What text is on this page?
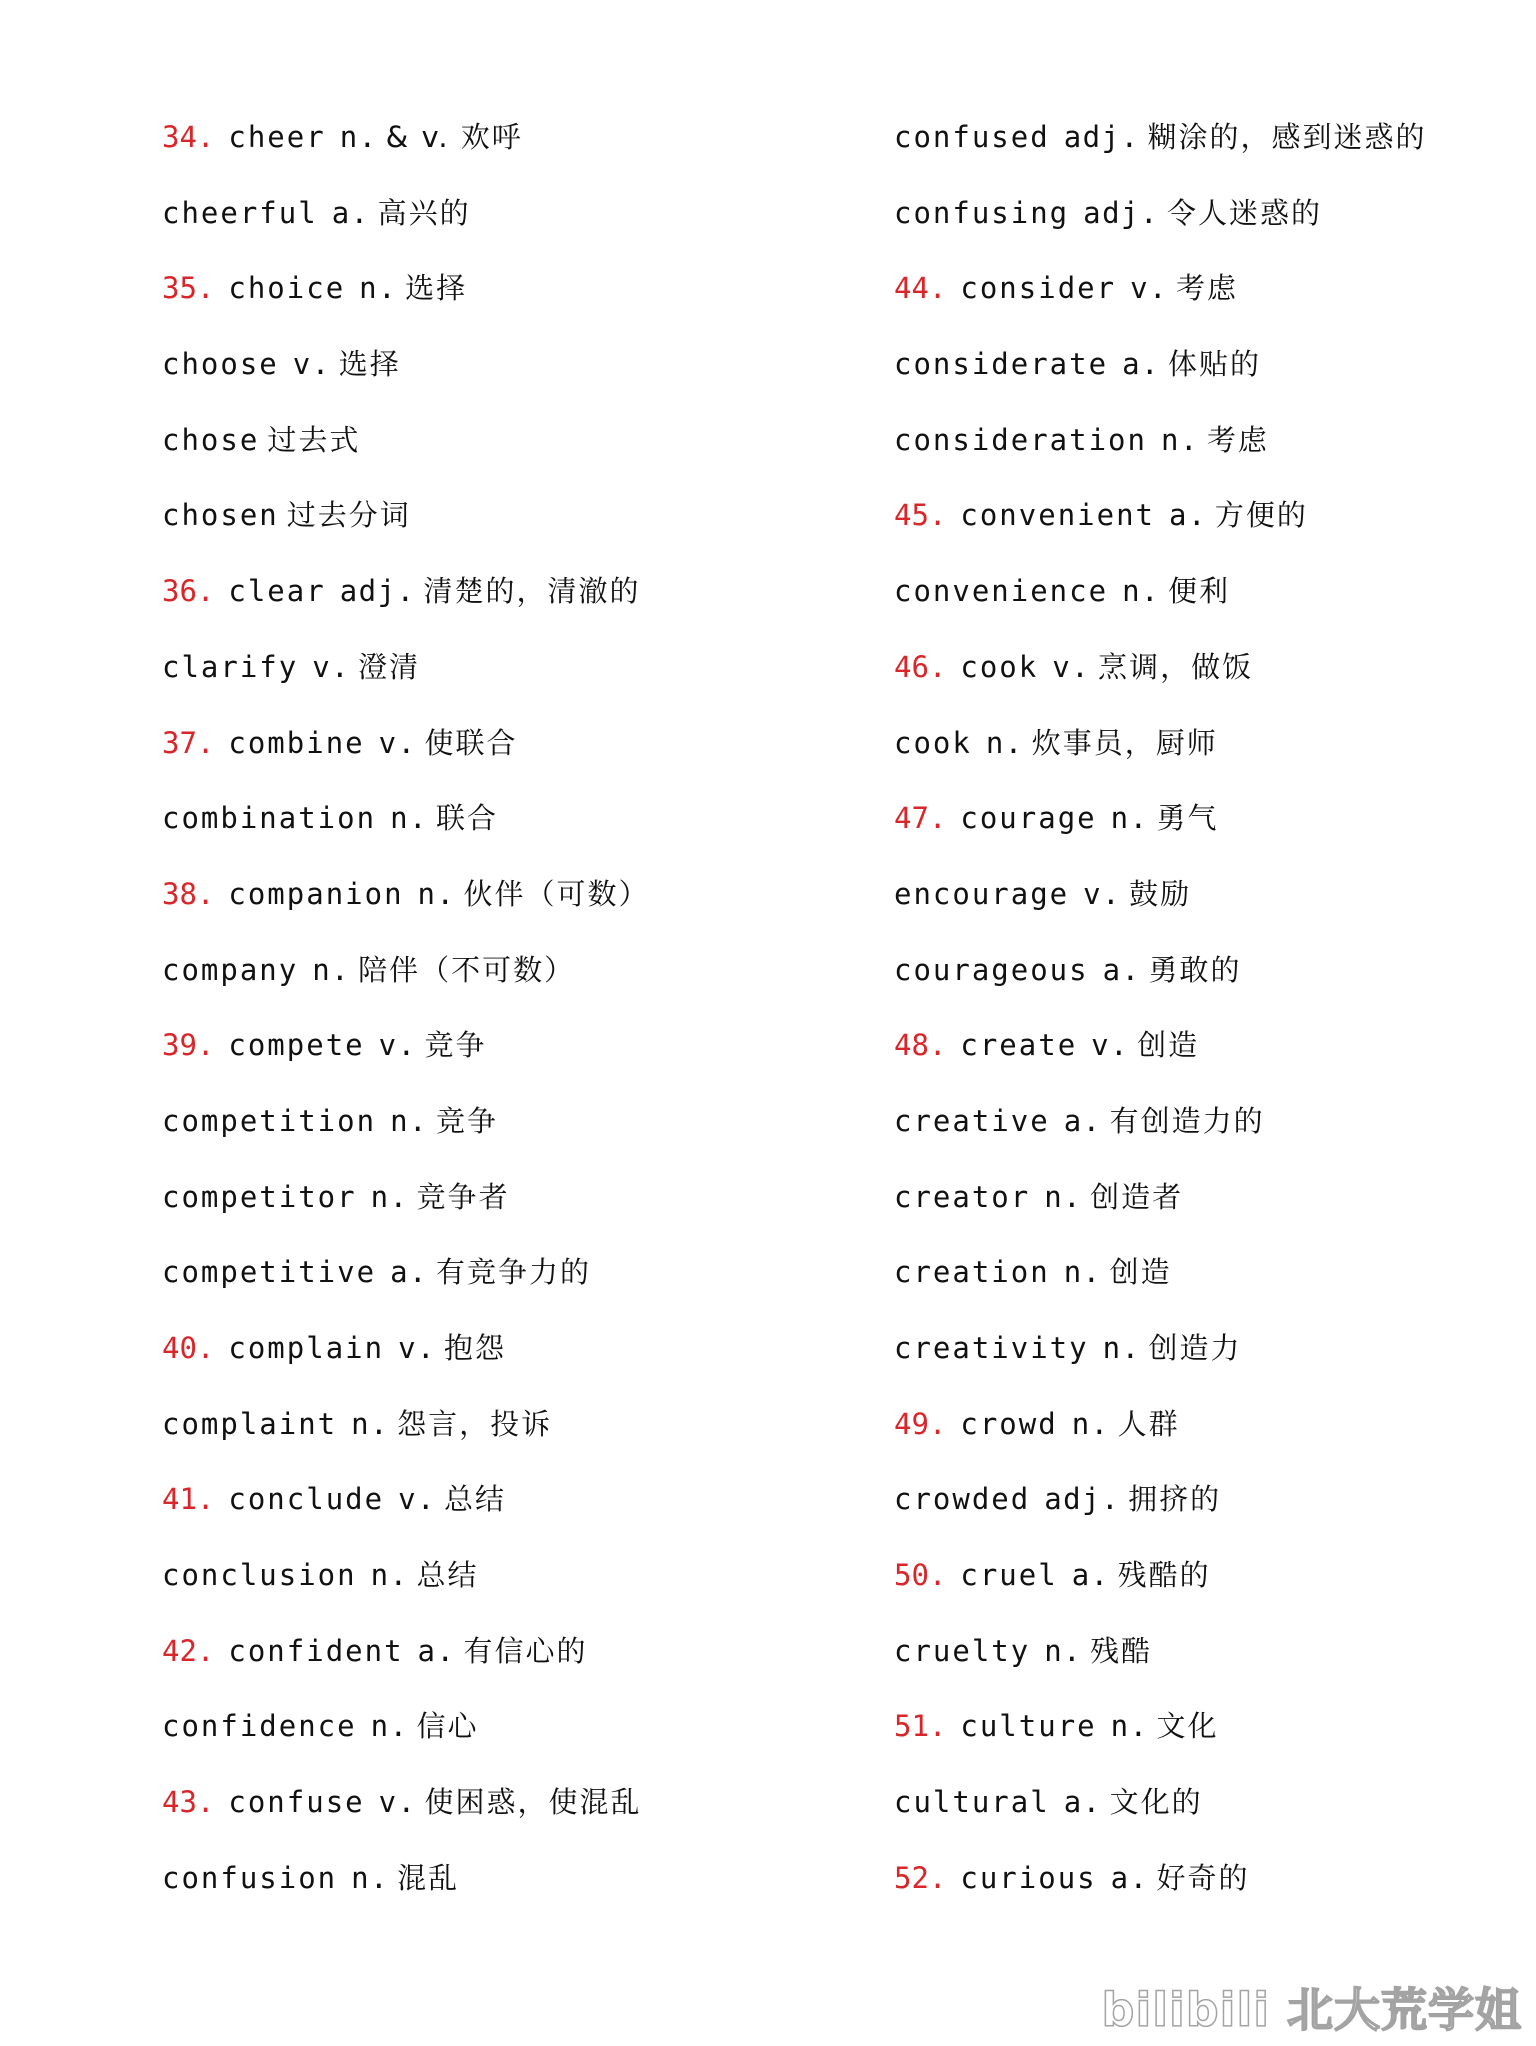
34. cheer n. & v. 欢呼
cheerful a. 高兴的
35. choice n. 选择
choose v. 选择
chose 过去式
chosen 过去分词
36. clear adj. 清楚的，清澈的
clarify v. 澄清
37. combine v. 使联合
combination n. 联合
38. companion n. 伙伴（可数）
company n. 陪伴（不可数）
39. compete v. 竞争
competition n. 竞争
competitor n. 竞争者
competitive a. 有竞争力的
40. complain v. 抱怨
complaint n. 怨言，投诉
41. conclude v. 总结
conclusion n. 总结
42. confident a. 有信心的
confidence n. 信心
43. confuse v. 使困惑，使混乱
confusion n. 混乱
confused adj. 糊涂的，感到迷惑的
confusing adj. 令人迷惑的
44. consider v. 考虑
considerate a. 体贴的
consideration n. 考虑
45. convenient a. 方便的
convenience n. 便利
46. cook v. 烹调，做饭
cook n. 炊事员，厨师
47. courage n. 勇气
encourage v. 鼓励
courageous a. 勇敢的
48. create v. 创造
creative a. 有创造力的
creator n. 创造者
creation n. 创造
creativity n. 创造力
49. crowd n. 人群
crowded adj. 拥挤的
50. cruel a. 残酷的
cruelty n. 残酷
51. culture n. 文化
cultural a. 文化的
52. curious a. 好奇的
bilibili 北大荒学姐
